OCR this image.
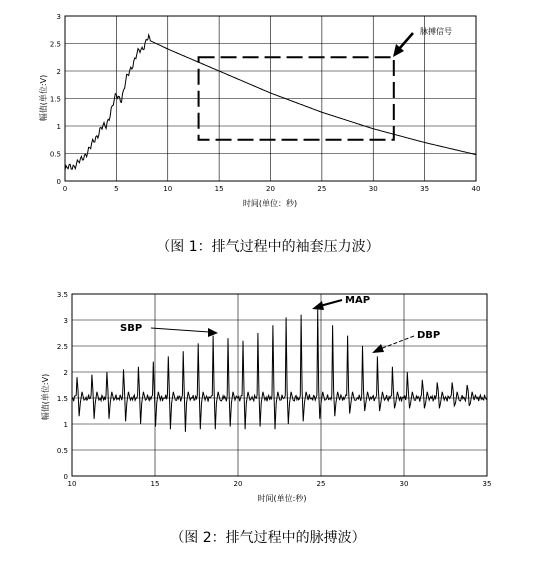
0	5	10	15	20	25	30	35	40
0
0.5
1
1.5
2
2.5
3
脉搏信号
时间(单位：秒)
幅值(单位:V)
10	15	20	25	30	35
0
0.5
1
1.5
2
2.5
3
3.5
SBP
MAP
DBP
时间(单位:秒)
幅值(单位:V)
（图 1：排气过程中的袖套压力波）
（图 2：排气过程中的脉搏波）
